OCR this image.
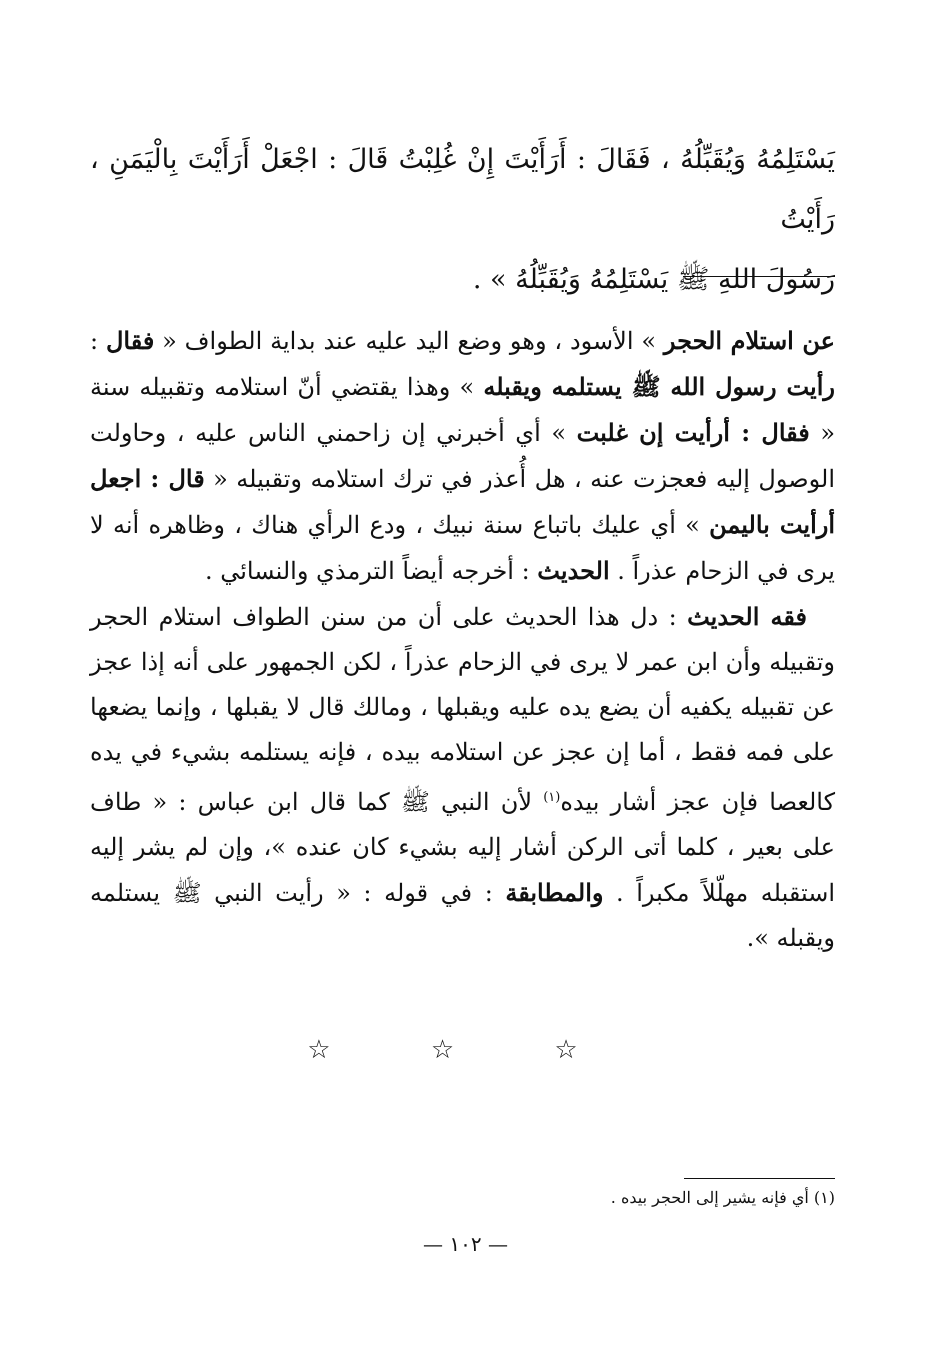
يَسْتَلِمُهُ وَيُقَبِّلُهُ ، فَقَالَ : أَرَأَيْتَ إِنْ غُلِبْتُ قَالَ : اجْعَلْ أَرَأَيْتَ بِالْيَمَنِ ، رَأَيْتُ
رَسُولَ اللهِ ﷺ يَسْتَلِمُهُ وَيُقَبِّلُهُ » .

عن استلام الحجر » الأسود ، وهو وضع اليد عليه عند بداية الطواف « فقال : رأيت رسول الله ﷺ يستلمه ويقبله » وهذا يقتضي أنّ استلامه وتقبيله سنة « فقال : أرأيت إن غلبت » أي أخبرني إن زاحمني الناس عليه ، وحاولت الوصول إليه فعجزت عنه ، هل أُعذر في ترك استلامه وتقبيله « قال : اجعل أرأيت باليمن » أي عليك باتباع سنة نبيك ، ودع الرأي هناك ، وظاهره أنه لا يرى في الزحام عذراً . الحديث : أخرجه أيضاً الترمذي والنسائي .

فقه الحديث : دل هذا الحديث على أن من سنن الطواف استلام الحجر وتقبيله وأن ابن عمر لا يرى في الزحام عذراً ، لكن الجمهور على أنه إذا عجز عن تقبيله يكفيه أن يضع يده عليه ويقبلها ، ومالك قال لا يقبلها ، وإنما يضعها على فمه فقط ، أما إن عجز عن استلامه بيده ، فإنه يستلمه بشيء في يده كالعصا فإن عجز أشار بيده$^{(١)}$ لأن النبي ﷺ كما قال ابن عباس : « طاف على بعير ، كلما أتى الركن أشار إليه بشيء كان عنده »، وإن لم يشر إليه استقبله مهلّلاً مكبراً . والمطابقة : في قوله : « رأيت النبي ﷺ يستلمه ويقبله ».

☆ ☆ ☆
(١) أي فإنه يشير إلى الحجر بيده .
— ١٠٢ —
